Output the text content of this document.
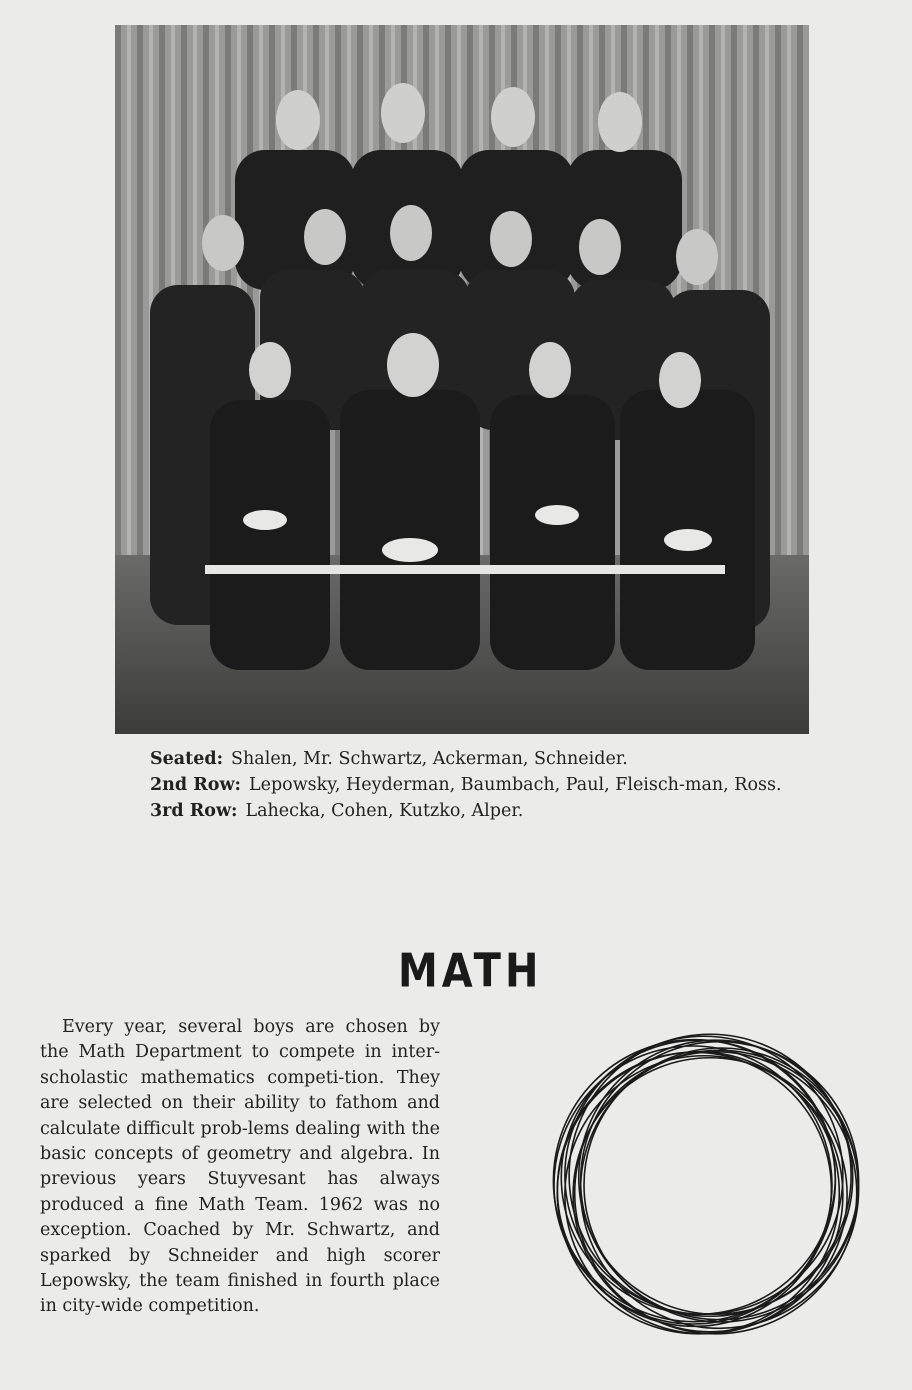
Seated: Shalen, Mr. Schwartz, Ackerman, Schneider.
2nd Row: Lepowsky, Heyderman, Baumbach, Paul, Fleisch-man, Ross.
3rd Row: Lahecka, Cohen, Kutzko, Alper.
MATH
Every year, several boys are chosen by the Math Department to compete in inter-scholastic mathematics competi-tion. They are selected on their ability to fathom and calculate difficult prob-lems dealing with the basic concepts of geometry and algebra. In previous years Stuyvesant has always produced a fine Math Team. 1962 was no exception. Coached by Mr. Schwartz, and sparked by Schneider and high scorer Lepowsky, the team finished in fourth place in city-wide competition.
